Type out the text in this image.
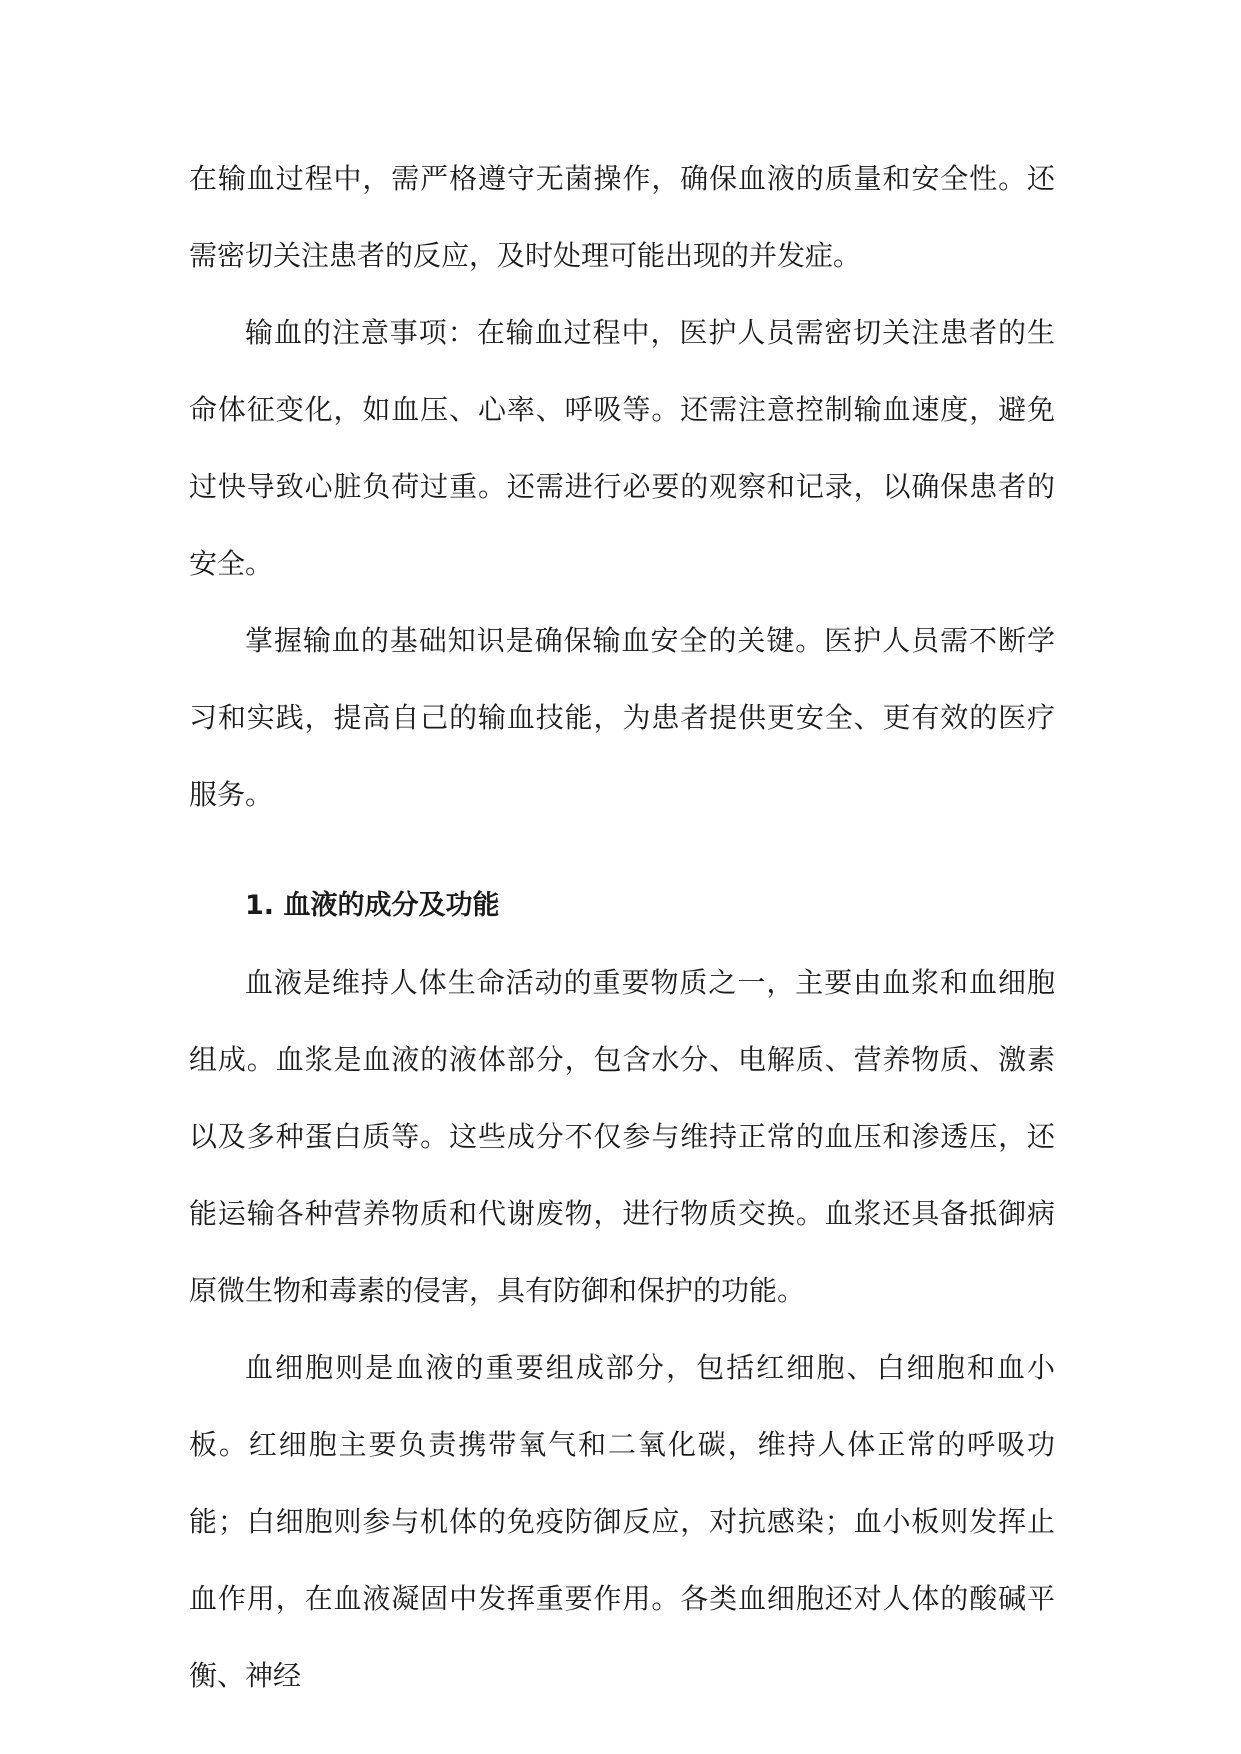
在输血过程中，需严格遵守无菌操作，确保血液的质量和安全性。还需密切关注患者的反应，及时处理可能出现的并发症。

输血的注意事项：在输血过程中，医护人员需密切关注患者的生命体征变化，如血压、心率、呼吸等。还需注意控制输血速度，避免过快导致心脏负荷过重。还需进行必要的观察和记录，以确保患者的安全。

掌握输血的基础知识是确保输血安全的关键。医护人员需不断学习和实践，提高自己的输血技能，为患者提供更安全、更有效的医疗服务。

1. 血液的成分及功能

血液是维持人体生命活动的重要物质之一，主要由血浆和血细胞组成。血浆是血液的液体部分，包含水分、电解质、营养物质、激素以及多种蛋白质等。这些成分不仅参与维持正常的血压和渗透压，还能运输各种营养物质和代谢废物，进行物质交换。血浆还具备抵御病原微生物和毒素的侵害，具有防御和保护的功能。

血细胞则是血液的重要组成部分，包括红细胞、白细胞和血小板。红细胞主要负责携带氧气和二氧化碳，维持人体正常的呼吸功能；白细胞则参与机体的免疫防御反应，对抗感染；血小板则发挥止血作用，在血液凝固中发挥重要作用。各类血细胞还对人体的酸碱平衡、神经
